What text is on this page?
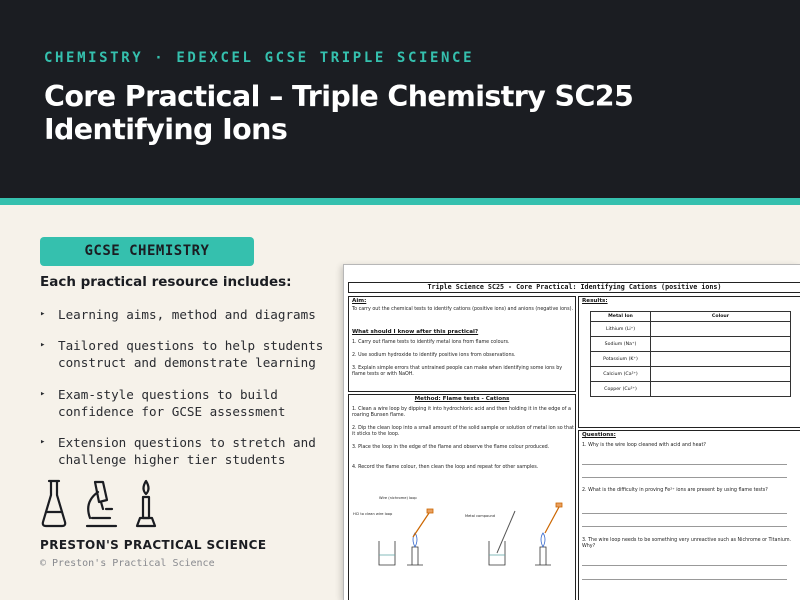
CHEMISTRY · EDEXCEL GCSE TRIPLE SCIENCE
Core Practical – Triple Chemistry SC25
Identifying Ions
GCSE CHEMISTRY
Each practical resource includes:
▸ Learning aims, method and diagrams
▸ Tailored questions to help students construct and demonstrate learning
▸ Exam-style questions to build confidence for GCSE assessment
▸ Extension questions to stretch and challenge higher tier students
PRESTON'S PRACTICAL SCIENCE
© Preston's Practical Science
Triple Science SC25 - Core Practical: Identifying Cations (positive ions)
Aim:
To carry out the chemical tests to identify cations (positive ions) and anions (negative ions).
What should I know after this practical?
1. Carry out flame tests to identify metal ions from flame colours.
2. Use sodium hydroxide to identify positive ions from observations.
3. Explain simple errors that untrained people can make when identifying some ions by flame tests or with NaOH.
Method: Flame tests - Cations
1. Clean a wire loop by dipping it into hydrochloric acid and then holding it in the edge of a roaring Bunsen flame.
2. Dip the clean loop into a small amount of the solid sample or solution of metal ion so that it sticks to the loop.
3. Place the loop in the edge of the flame and observe the flame colour produced.
4. Record the flame colour, then clean the loop and repeat for other samples.
Wire (nichrome) loop
HCl to clean wire loop	Metal compound
Results:
Metal Ion	Colour
Lithium (Li⁺)	
Sodium (Na⁺)	
Potassium (K⁺)	
Calcium (Ca²⁺)	
Copper (Cu²⁺)	
Questions:
1. Why is the wire loop cleaned with acid and heat?
2. What is the difficulty in proving Fe²⁺ ions are present by using flame tests?
3. The wire loop needs to be something very unreactive such as Nichrome or Titanium. Why?
